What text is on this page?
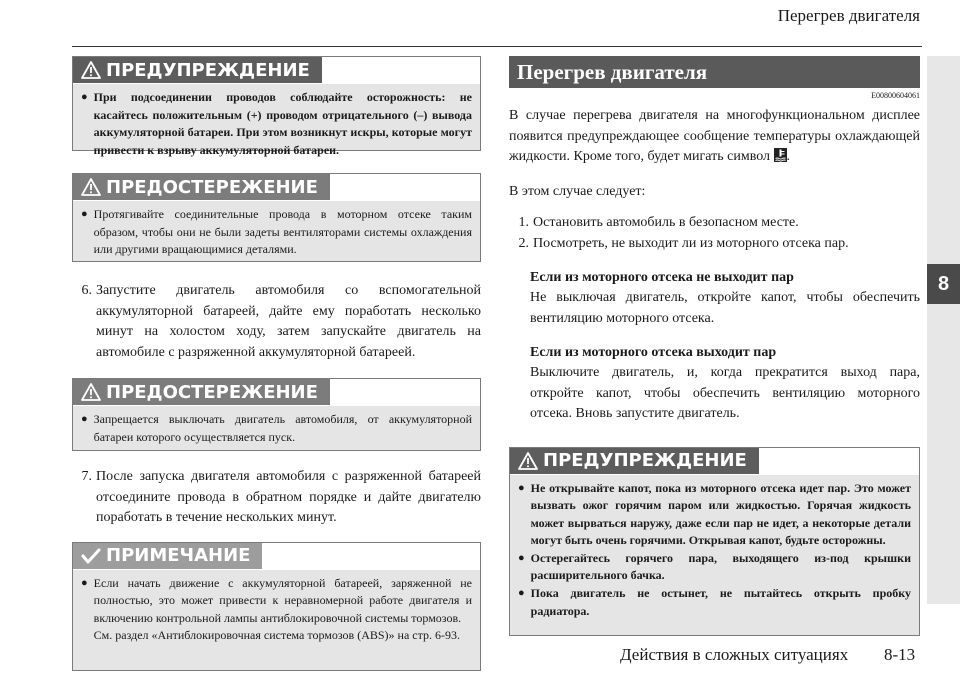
Перегрев двигателя
8
ПРЕДУПРЕЖДЕНИЕ
● При подсоединении проводов соблюдайте осторожность: не касайтесь положительным (+) проводом отрицательного (–) вывода аккумуляторной батареи. При этом возникнут искры, которые могут привести к взрыву аккумуляторной батареи.
ПРЕДОСТЕРЕЖЕНИЕ
● Протягивайте соединительные провода в моторном отсеке таким образом, чтобы они не были задеты вентиляторами системы охлаждения или другими вращающимися деталями.
6. Запустите двигатель автомобиля со вспомогательной аккумуляторной батареей, дайте ему поработать несколько минут на холостом ходу, затем запускайте двигатель на автомобиле с разряженной аккумуляторной батареей.
ПРЕДОСТЕРЕЖЕНИЕ
● Запрещается выключать двигатель автомобиля, от аккумуляторной батареи которого осуществляется пуск.
7. После запуска двигателя автомобиля с разряженной батареей отсоедините провода в обратном порядке и дайте двигателю поработать в течение нескольких минут.
ПРИМЕЧАНИЕ
● Если начать движение с аккумуляторной батареей, заряженной не полностью, это может привести к неравномерной работе двигателя и включению контрольной лампы антиблокировочной системы тормозов.
См. раздел «Антиблокировочная система тормозов (ABS)» на стр. 6-93.
Перегрев двигателя
E00800604061
В случае перегрева двигателя на многофункциональном дисплее появится предупреждающее сообщение температуры охлаждающей жидкости. Кроме того, будет мигать символ .
В этом случае следует:
1. Остановить автомобиль в безопасном месте.
2. Посмотреть, не выходит ли из моторного отсека пар.
Если из моторного отсека не выходит пар
Не выключая двигатель, откройте капот, чтобы обеспечить вентиляцию моторного отсека.
Если из моторного отсека выходит пар
Выключите двигатель, и, когда прекратится выход пара, откройте капот, чтобы обеспечить вентиляцию моторного отсека. Вновь запустите двигатель.
ПРЕДУПРЕЖДЕНИЕ
● Не открывайте капот, пока из моторного отсека идет пар. Это может вызвать ожог горячим паром или жидкостью. Горячая жидкость может вырваться наружу, даже если пар не идет, а некоторые детали могут быть очень горячими. Открывая капот, будьте осторожны.
● Остерегайтесь горячего пара, выходящего из-под крышки расширительного бачка.
● Пока двигатель не остынет, не пытайтесь открыть пробку радиатора.
Действия в сложных ситуациях 8-13
